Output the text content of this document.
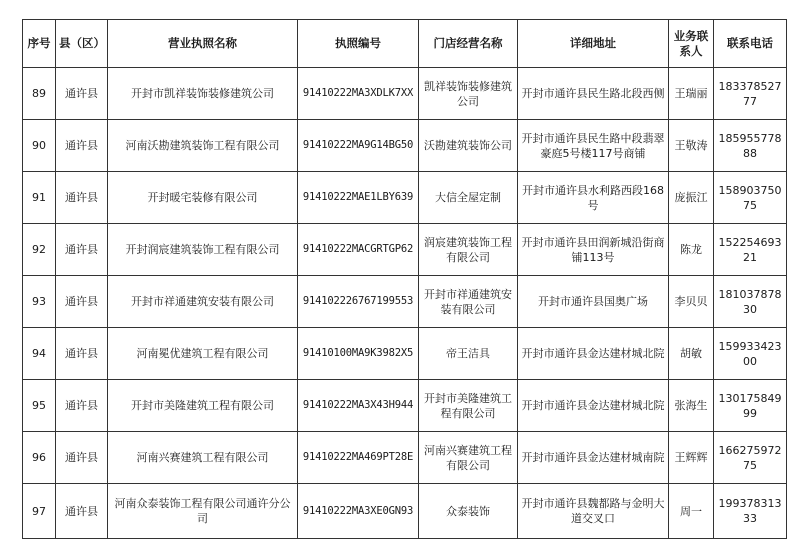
序号	县（区）	营业执照名称	执照编号	门店经营名称	详细地址	业务联系人	联系电话
89	通许县	开封市凯祥装饰装修建筑公司	91410222MA3XDLK7XX	凯祥装饰装修建筑公司	开封市通许县民生路北段西侧	王瑞丽	18337852777
90	通许县	河南沃勘建筑装饰工程有限公司	91410222MA9G14BG50	沃勘建筑装饰公司	开封市通许县民生路中段翡翠豪庭5号楼117号商铺	王敬涛	18595577888
91	通许县	开封暖宅装修有限公司	91410222MAE1LBY639	大信全屋定制	开封市通许县水利路西段168号	庞振江	15890375075
92	通许县	开封润宸建筑装饰工程有限公司	91410222MACGRTGP62	润宸建筑装饰工程有限公司	开封市通许县田润新城沿街商铺113号	陈龙	15225469321
93	通许县	开封市祥通建筑安装有限公司	914102226767199553	开封市祥通建筑安装有限公司	开封市通许县国奥广场	李贝贝	18103787830
94	通许县	河南冕优建筑工程有限公司	91410100MA9K3982X5	帝王洁具	开封市通许县金达建材城北院	胡敏	15993342300
95	通许县	开封市美隆建筑工程有限公司	91410222MA3X43H944	开封市美隆建筑工程有限公司	开封市通许县金达建材城北院	张海生	13017584999
96	通许县	河南兴赛建筑工程有限公司	91410222MA469PT28E	河南兴赛建筑工程有限公司	开封市通许县金达建材城南院	王辉辉	16627597275
97	通许县	河南众泰装饰工程有限公司通许分公司	91410222MA3XE0GN93	众泰装饰	开封市通许县魏都路与金明大道交叉口	周一	19937831333
